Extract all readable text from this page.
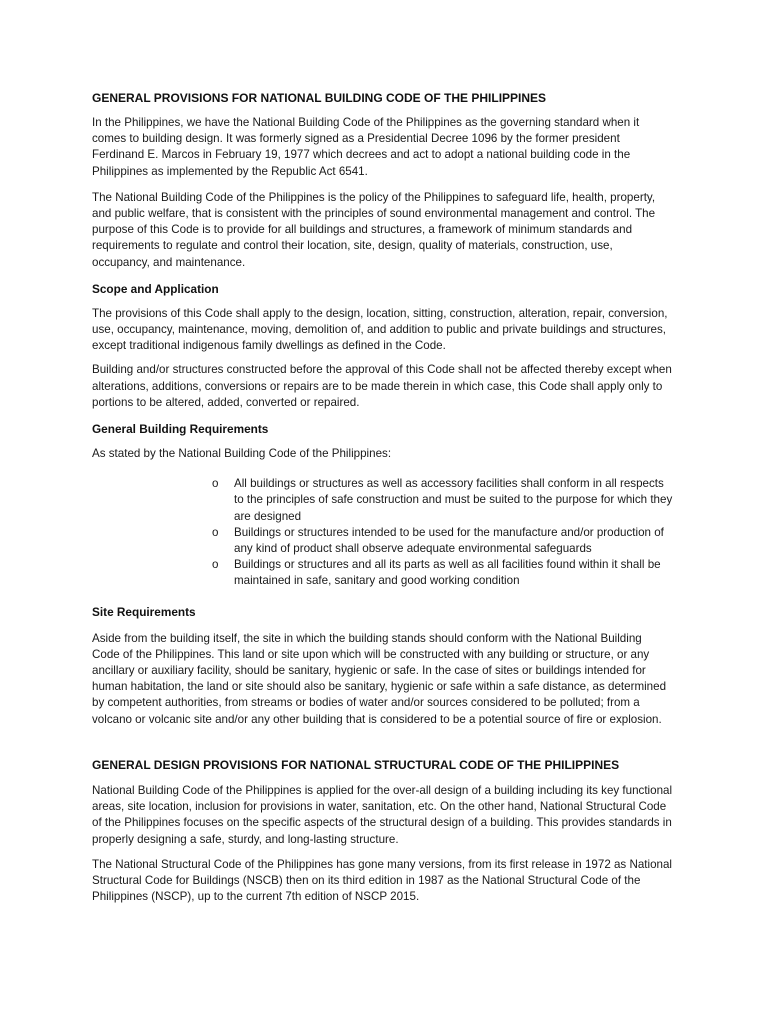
GENERAL PROVISIONS FOR NATIONAL BUILDING CODE OF THE PHILIPPINES

In the Philippines, we have the National Building Code of the Philippines as the governing standard when it
comes to building design. It was formerly signed as a Presidential Decree 1096 by the former president
Ferdinand E. Marcos in February 19, 1977 which decrees and act to adopt a national building code in the
Philippines as implemented by the Republic Act 6541.

The National Building Code of the Philippines is the policy of the Philippines to safeguard life, health, property,
and public welfare, that is consistent with the principles of sound environmental management and control. The
purpose of this Code is to provide for all buildings and structures, a framework of minimum standards and
requirements to regulate and control their location, site, design, quality of materials, construction, use,
occupancy, and maintenance.

Scope and Application

The provisions of this Code shall apply to the design, location, sitting, construction, alteration, repair, conversion,
use, occupancy, maintenance, moving, demolition of, and addition to public and private buildings and structures,
except traditional indigenous family dwellings as defined in the Code.

Building and/or structures constructed before the approval of this Code shall not be affected thereby except when
alterations, additions, conversions or repairs are to be made therein in which case, this Code shall apply only to
portions to be altered, added, converted or repaired.

General Building Requirements

As stated by the National Building Code of the Philippines:

o All buildings or structures as well as accessory facilities shall conform in all respects
to the principles of safe construction and must be suited to the purpose for which they
are designed
o Buildings or structures intended to be used for the manufacture and/or production of
any kind of product shall observe adequate environmental safeguards
o Buildings or structures and all its parts as well as all facilities found within it shall be
maintained in safe, sanitary and good working condition
Site Requirements

Aside from the building itself, the site in which the building stands should conform with the National Building
Code of the Philippines. This land or site upon which will be constructed with any building or structure, or any
ancillary or auxiliary facility, should be sanitary, hygienic or safe. In the case of sites or buildings intended for
human habitation, the land or site should also be sanitary, hygienic or safe within a safe distance, as determined
by competent authorities, from streams or bodies of water and/or sources considered to be polluted; from a
volcano or volcanic site and/or any other building that is considered to be a potential source of fire or explosion.

GENERAL DESIGN PROVISIONS FOR NATIONAL STRUCTURAL CODE OF THE PHILIPPINES

National Building Code of the Philippines is applied for the over-all design of a building including its key functional
areas, site location, inclusion for provisions in water, sanitation, etc. On the other hand, National Structural Code
of the Philippines focuses on the specific aspects of the structural design of a building. This provides standards in
properly designing a safe, sturdy, and long-lasting structure.

The National Structural Code of the Philippines has gone many versions, from its first release in 1972 as National
Structural Code for Buildings (NSCB) then on its third edition in 1987 as the National Structural Code of the
Philippines (NSCP), up to the current 7th edition of NSCP 2015.
